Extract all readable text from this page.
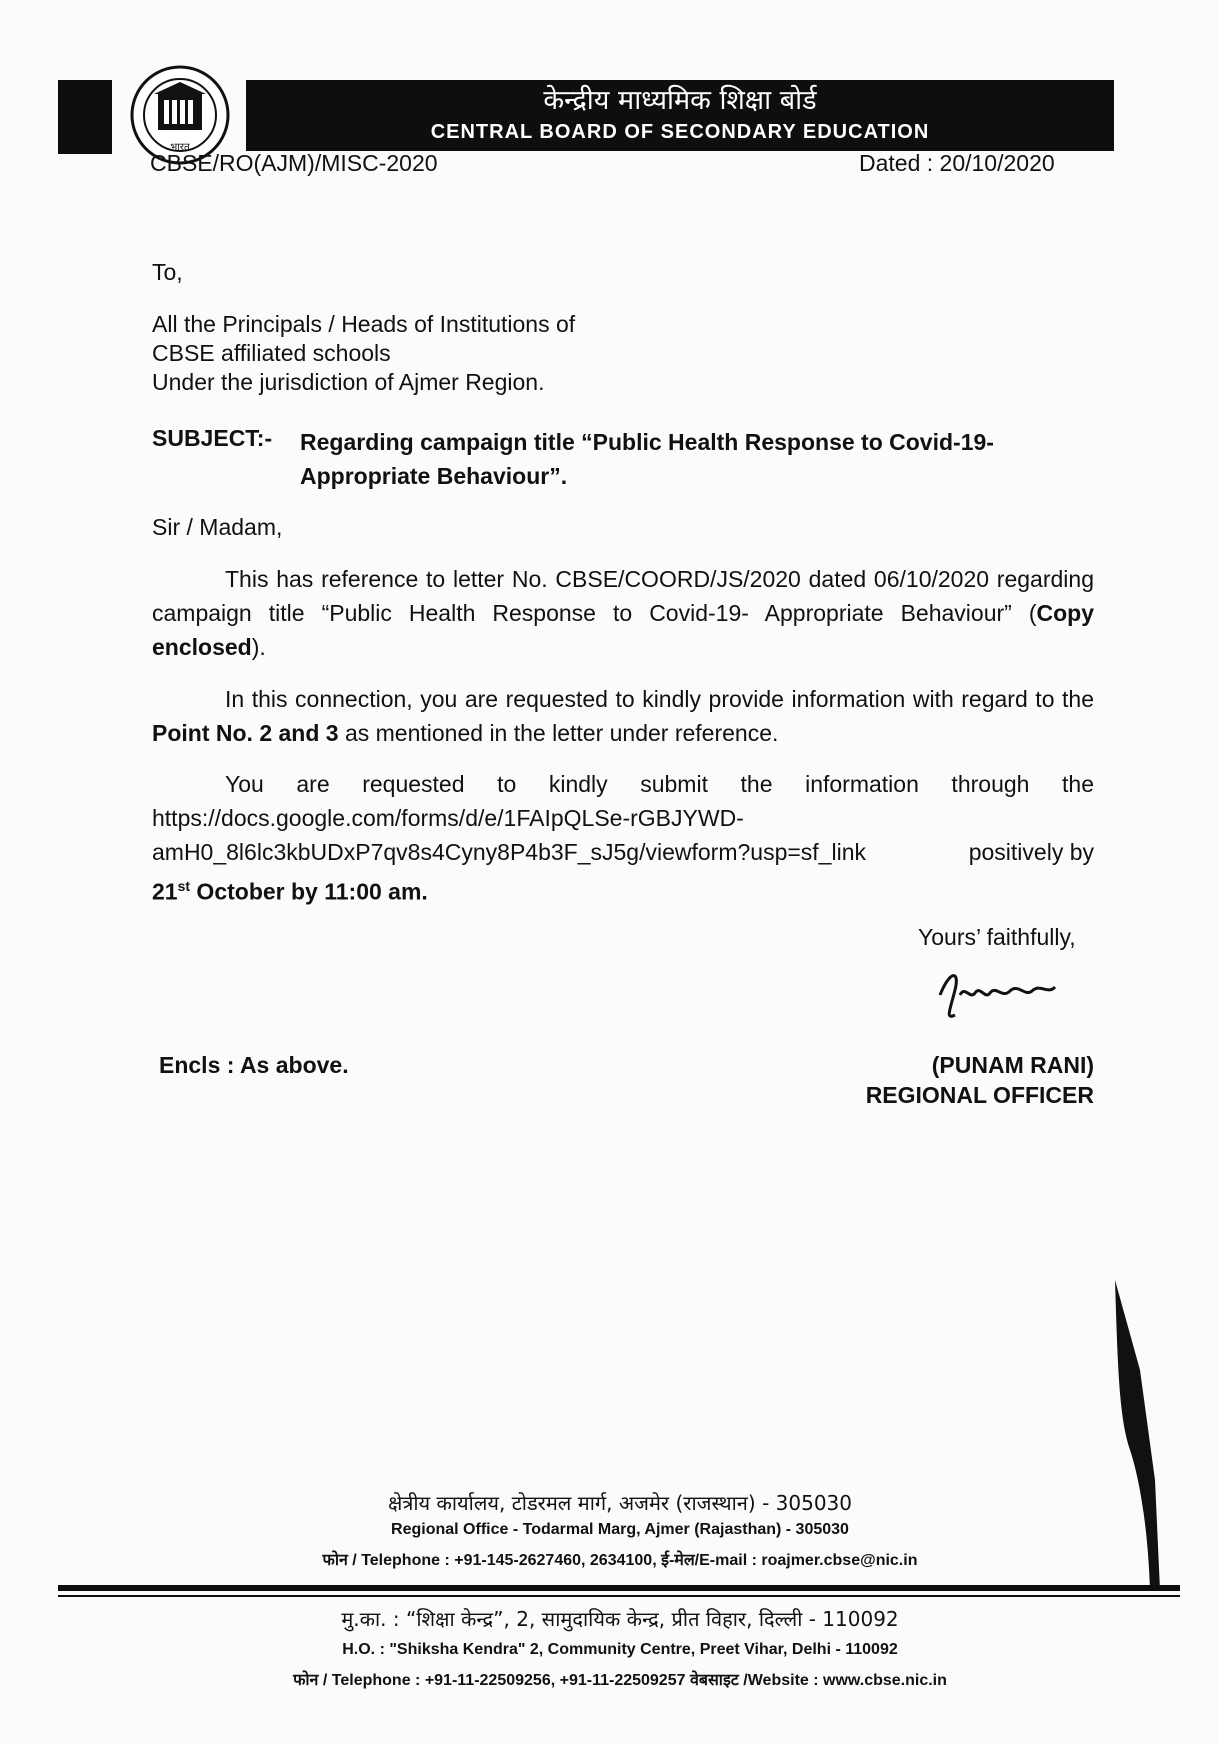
भारत
केन्द्रीय माध्यमिक शिक्षा बोर्ड
CENTRAL BOARD OF SECONDARY EDUCATION
CBSE/RO(AJM)/MISC-2020	Dated : 20/10/2020
To,
All the Principals / Heads of Institutions of
CBSE affiliated schools
Under the jurisdiction of Ajmer Region.
SUBJECT:- Regarding campaign title “Public Health Response to Covid-19- Appropriate Behaviour”.
Sir / Madam,
This has reference to letter No. CBSE/COORD/JS/2020 dated 06/10/2020 regarding campaign title “Public Health Response to Covid-19- Appropriate Behaviour” (Copy enclosed).
In this connection, you are requested to kindly provide information with regard to the Point No. 2 and 3 as mentioned in the letter under reference.
You are requested to kindly submit the information through the
https://docs.google.com/forms/d/e/1FAIpQLSe-rGBJYWD-
amH0_8l6lc3kbUDxP7qv8s4Cyny8P4b3F_sJ5g/viewform?usp=sf_link	positively by
21st October by 11:00 am.
Yours’ faithfully,
Encls : As above.	(PUNAM RANI)
REGIONAL OFFICER
क्षेत्रीय कार्यालय, टोडरमल मार्ग, अजमेर (राजस्थान) - 305030
Regional Office - Todarmal Marg, Ajmer (Rajasthan) - 305030
फोन / Telephone : +91-145-2627460, 2634100, ई-मेल/E-mail : roajmer.cbse@nic.in
मु.का. : “शिक्षा केन्द्र”, 2, सामुदायिक केन्द्र, प्रीत विहार, दिल्ली - 110092
H.O. : "Shiksha Kendra" 2, Community Centre, Preet Vihar, Delhi - 110092
फोन / Telephone : +91-11-22509256, +91-11-22509257 वेबसाइट /Website : www.cbse.nic.in
